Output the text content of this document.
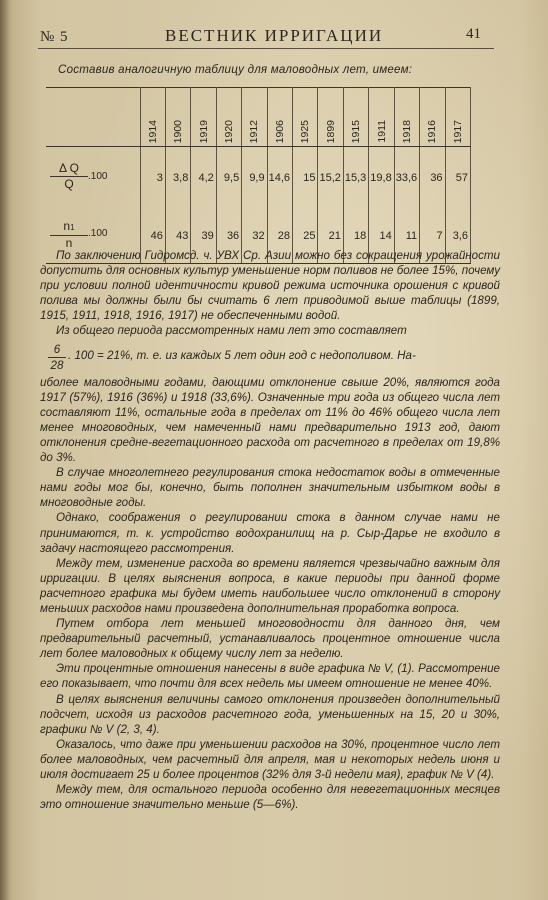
№ 5	ВЕСТНИК ИРРИГАЦИИ	41
Составив аналогичную таблицу для маловодных лет, имеем:
	1914	1900	1919	1920	1912	1906	1925	1899	1915	1911	1918	1916	1917

$\frac{\text{Δ Q}}{Q} .100$	3	3,8	4,2	9,5	9,9	14,6	15	15,2	15,3	19,8	33,6	36	57

$\frac{n1}{n} .100$	46	43	39	36	32	28	25	21	18	14	11	7	3,6

По заключению Гидромсд. ч. УВХ Ср. Азии можно без сокращения урожайности допустить для основных культур уменьшение норм поливов не более 15%, почему при условии полной идентичности кривой режима источника орошения с кривой полива мы должны были бы считать 6 лет приводимой выше таблицы (1899, 1915, 1911, 1918, 1916, 1917) не обеспеченными водой.

Из общего периода рассмотренных нами лет это составляет

6
28
. 100 = 21%, т. е. из каждых 5 лет один год с недополивом. На-

иболее маловодными годами, дающими отклонение свыше 20%, являются года 1917 (57%), 1916 (36%) и 1918 (33,6%). Означенные три года из общего числа лет составляют 11%, остальные года в пределах от 11% до 46% общего числа лет менее многоводных, чем намеченный нами предварительно 1913 год, дают отклонения средне-вегетационного расхода от расчетного в пределах от 19,8% до 3%.

В случае многолетнего регулирования стока недостаток воды в отмеченные нами годы мог бы, конечно, быть пополнен значительным избытком воды в многоводные годы.

Однако, соображения о регулировании стока в данном случае нами не принимаются, т. к. устройство водохранилищ на р. Сыр-Дарье не входило в задачу настоящего рассмотрения.

Между тем, изменение расхода во времени является чрезвычайно важным для ирригации. В целях выяснения вопроса, в какие периоды при данной форме расчетного графика мы будем иметь наибольшее число отклонений в сторону меньших расходов нами произведена дополнительная проработка вопроса.

Путем отбора лет меньшей многоводности для данного дня, чем предварительный расчетный, устанавливалось процентное отношение числа лет более маловодных к общему числу лет за неделю.

Эти процентные отношения нанесены в виде графика № V, (1). Рассмотрение его показывает, что почти для всех недель мы имеем отношение не менее 40%.

В целях выяснения величины самого отклонения произведен дополнительный подсчет, исходя из расходов расчетного года, уменьшенных на 15, 20 и 30%, графики № V (2, 3, 4).

Оказалось, что даже при уменьшении расходов на 30%, процентное число лет более маловодных, чем расчетный для апреля, мая и некоторых недель июня и июля достигает 25 и более процентов (32% для 3-й недели мая), график № V (4).

Между тем, для остального периода особенно для невегетационных месяцев это отношение значительно меньше (5—6%).
